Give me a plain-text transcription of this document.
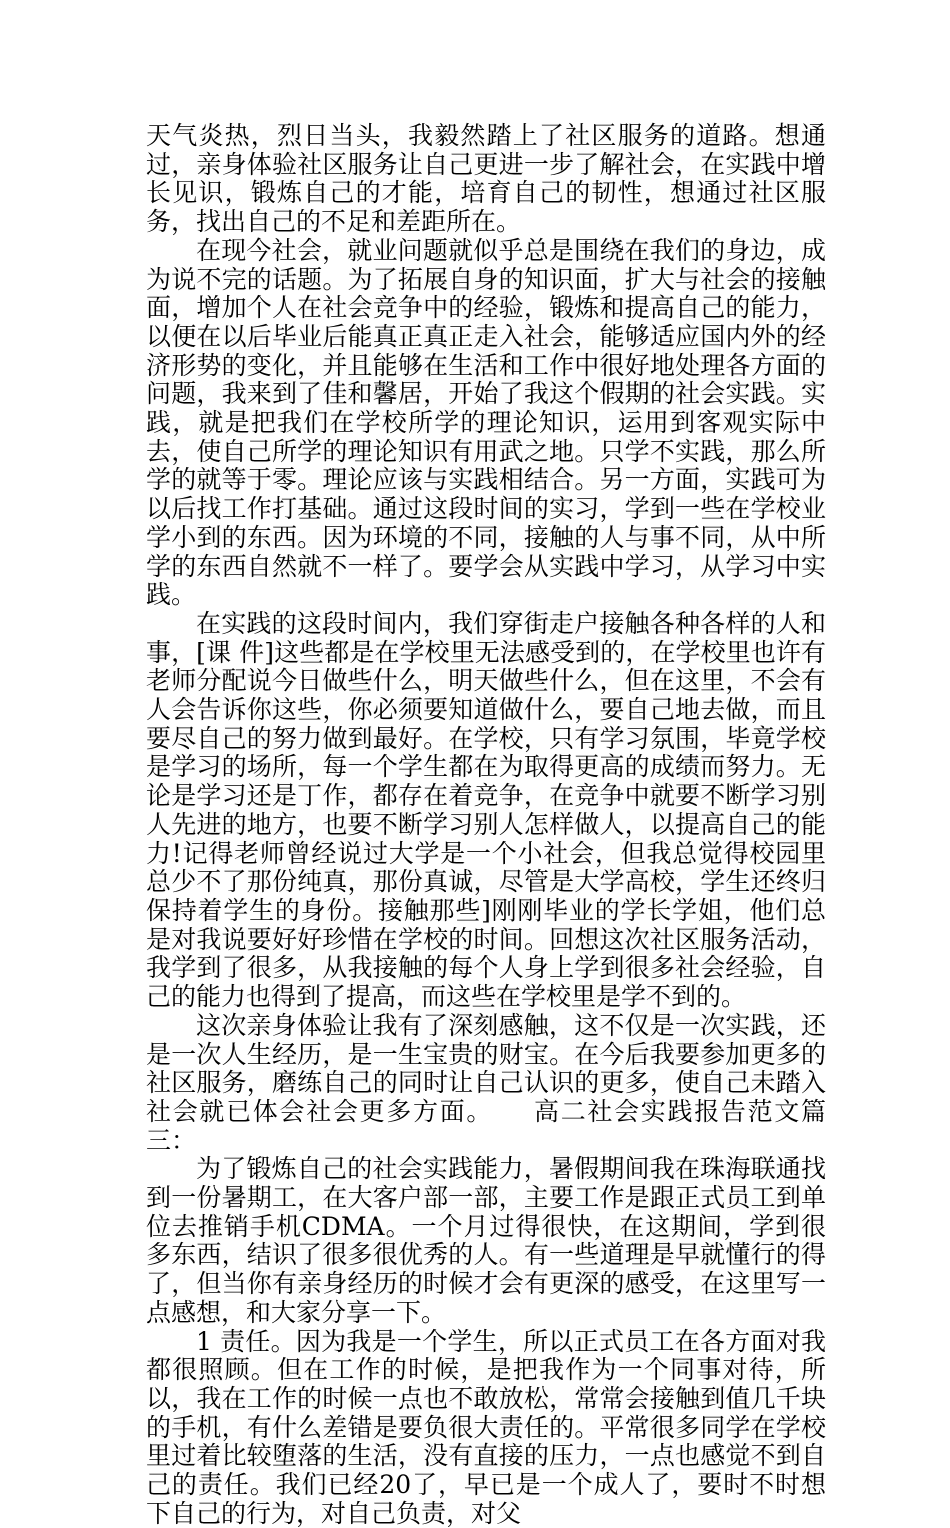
天气炎热，烈日当头，我毅然踏上了社区服务的道路。想通过，亲身体验社区服务让自己更进一步了解社会，在实践中增长见识，锻炼自己的才能，培育自己的韧性，想通过社区服务，找出自己的不足和差距所在。

在现今社会，就业问题就似乎总是围绕在我们的身边，成为说不完的话题。为了拓展自身的知识面，扩大与社会的接触面，增加个人在社会竞争中的经验，锻炼和提高自己的能力，以便在以后毕业后能真正真正走入社会，能够适应国内外的经济形势的变化，并且能够在生活和工作中很好地处理各方面的问题，我来到了佳和馨居，开始了我这个假期的社会实践。实践，就是把我们在学校所学的理论知识，运用到客观实际中去，使自己所学的理论知识有用武之地。只学不实践，那么所学的就等于零。理论应该与实践相结合。另一方面，实践可为以后找工作打基础。通过这段时间的实习，学到一些在学校业学小到的东西。因为环境的不同，接触的人与事不同，从中所学的东西自然就不一样了。要学会从实践中学习，从学习中实践。

在实践的这段时间内，我们穿街走户接触各种各样的人和事，[课 件]这些都是在学校里无法感受到的，在学校里也许有老师分配说今日做些什么，明天做些什么，但在这里，不会有人会告诉你这些，你必须要知道做什么，要自己地去做，而且要尽自己的努力做到最好。在学校，只有学习氛围，毕竟学校是学习的场所，每一个学生都在为取得更高的成绩而努力。无论是学习还是丁作，都存在着竞争，在竞争中就要不断学习别人先进的地方，也要不断学习别人怎样做人，以提高自己的能力!记得老师曾经说过大学是一个小社会，但我总觉得校园里总少不了那份纯真，那份真诚，尽管是大学高校，学生还终归保持着学生的身份。接触那些]刚刚毕业的学长学姐，他们总是对我说要好好珍惜在学校的时间。回想这次社区服务活动，我学到了很多，从我接触的每个人身上学到很多社会经验，自己的能力也得到了提高，而这些在学校里是学不到的。

这次亲身体验让我有了深刻感触，这不仅是一次实践，还是一次人生经历，是一生宝贵的财宝。在今后我要参加更多的社区服务，磨练自己的同时让自己认识的更多，使自己未踏入社会就已体会社会更多方面。　　高二社会实践报告范文篇三：

为了锻炼自己的社会实践能力，暑假期间我在珠海联通找到一份暑期工，在大客户部一部，主要工作是跟正式员工到单位去推销手机CDMA。一个月过得很快，在这期间，学到很多东西，结识了很多很优秀的人。有一些道理是早就懂行的得了，但当你有亲身经历的时候才会有更深的感受，在这里写一点感想，和大家分享一下。

1 责任。因为我是一个学生，所以正式员工在各方面对我都很照顾。但在工作的时候，是把我作为一个同事对待，所以，我在工作的时候一点也不敢放松，常常会接触到值几千块的手机，有什么差错是要负很大责任的。平常很多同学在学校里过着比较堕落的生活，没有直接的压力，一点也感觉不到自己的责任。我们已经20了，早已是一个成人了，要时不时想下自己的行为，对自己负责，对父
